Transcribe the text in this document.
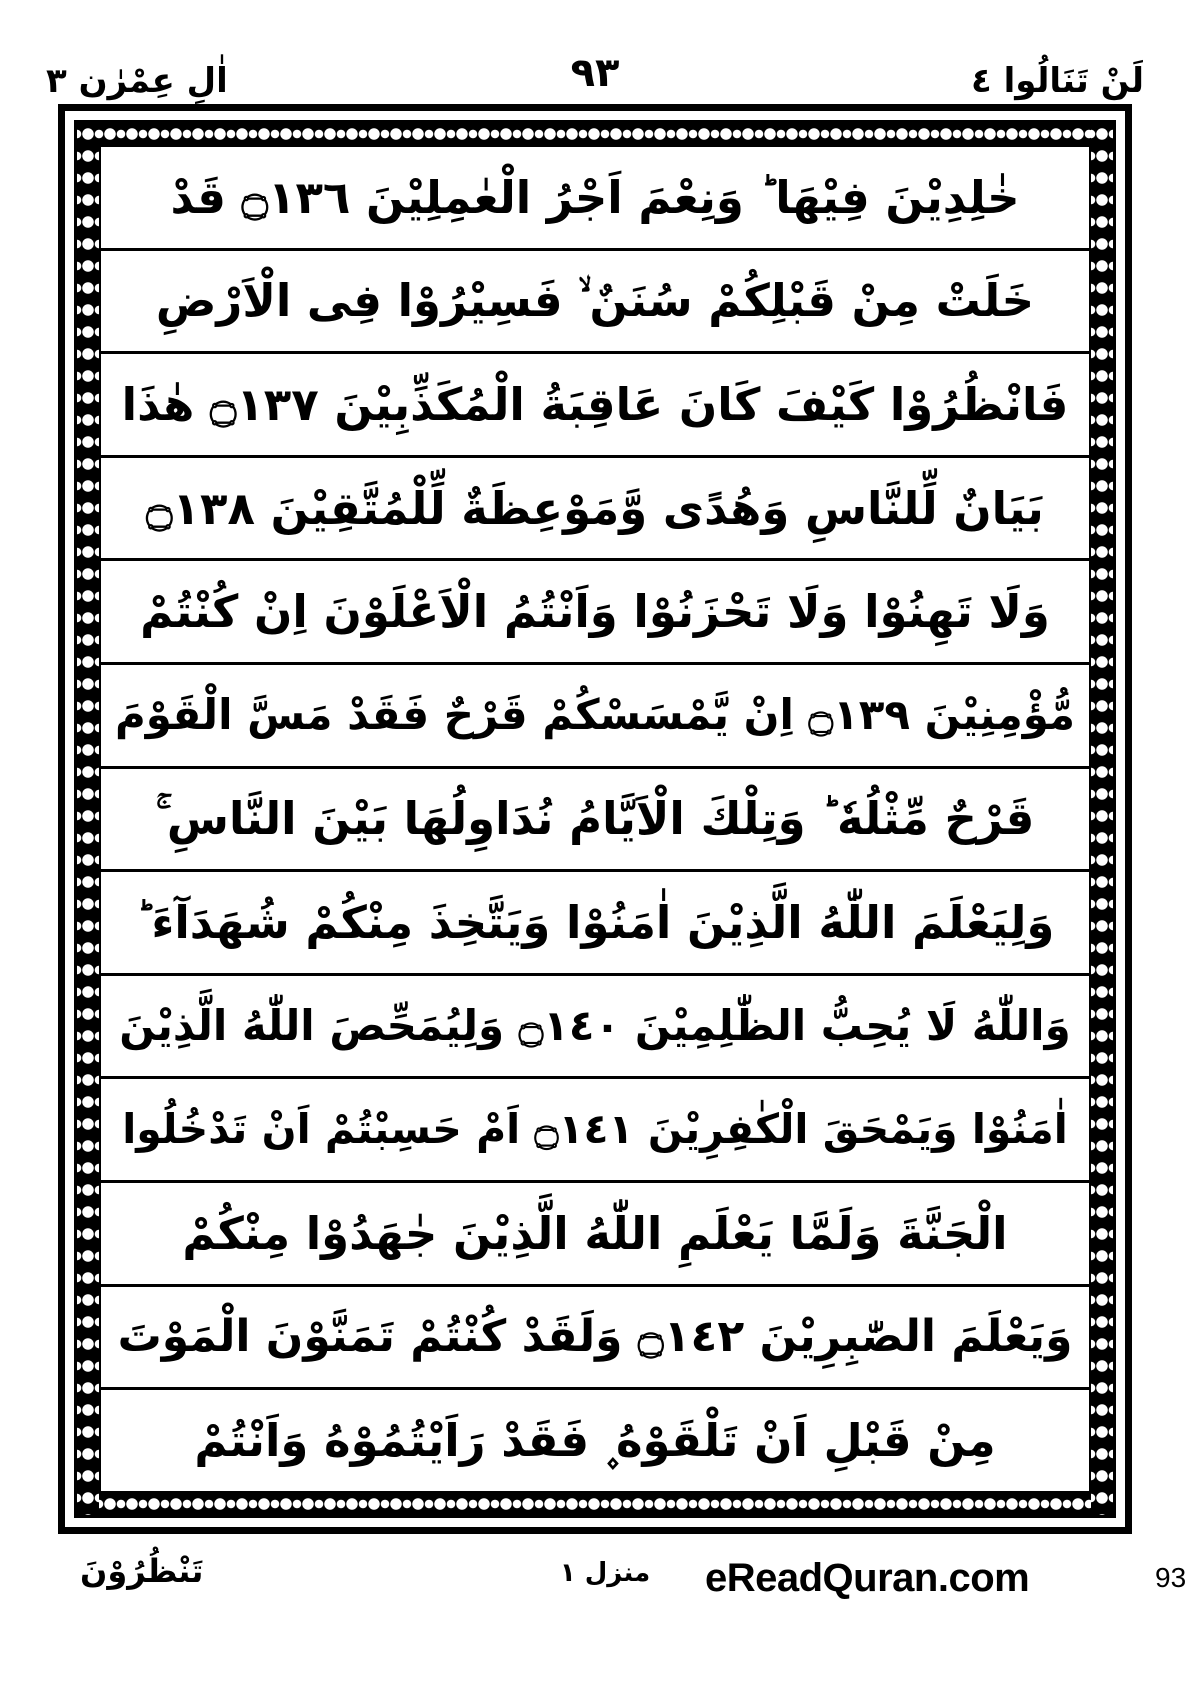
لَنْ تَنَالُوا ٤
٩٣
اٰلِ عِمْرٰن ٣
خٰلِدِيْنَ فِيْهَا ؕ وَنِعْمَ اَجْرُ الْعٰمِلِيْنَ ۝١٣٦ قَدْ
خَلَتْ مِنْ قَبْلِكُمْ سُنَنٌ ۙ فَسِيْرُوْا فِى الْاَرْضِ
فَانْظُرُوْا كَيْفَ كَانَ عَاقِبَةُ الْمُكَذِّبِيْنَ ۝١٣٧ هٰذَا
بَيَانٌ لِّلنَّاسِ وَهُدًى وَّمَوْعِظَةٌ لِّلْمُتَّقِيْنَ ۝١٣٨
وَلَا تَهِنُوْا وَلَا تَحْزَنُوْا وَاَنْتُمُ الْاَعْلَوْنَ اِنْ كُنْتُمْ
مُّؤْمِنِيْنَ ۝١٣٩ اِنْ يَّمْسَسْكُمْ قَرْحٌ فَقَدْ مَسَّ الْقَوْمَ
قَرْحٌ مِّثْلُهٗ ؕ وَتِلْكَ الْاَيَّامُ نُدَاوِلُهَا بَيْنَ النَّاسِ ۚ
وَلِيَعْلَمَ اللّٰهُ الَّذِيْنَ اٰمَنُوْا وَيَتَّخِذَ مِنْكُمْ شُهَدَآءَ ؕ
وَاللّٰهُ لَا يُحِبُّ الظّٰلِمِيْنَ ۝١٤٠ وَلِيُمَحِّصَ اللّٰهُ الَّذِيْنَ
اٰمَنُوْا وَيَمْحَقَ الْكٰفِرِيْنَ ۝١٤١ اَمْ حَسِبْتُمْ اَنْ تَدْخُلُوا
الْجَنَّةَ وَلَمَّا يَعْلَمِ اللّٰهُ الَّذِيْنَ جٰهَدُوْا مِنْكُمْ
وَيَعْلَمَ الصّٰبِرِيْنَ ۝١٤٢ وَلَقَدْ كُنْتُمْ تَمَنَّوْنَ الْمَوْتَ
مِنْ قَبْلِ اَنْ تَلْقَوْهُ ۪ فَقَدْ رَاَيْتُمُوْهُ وَاَنْتُمْ
تَنْظُرُوْنَ	منزل ١ eReadQuran.com	93
